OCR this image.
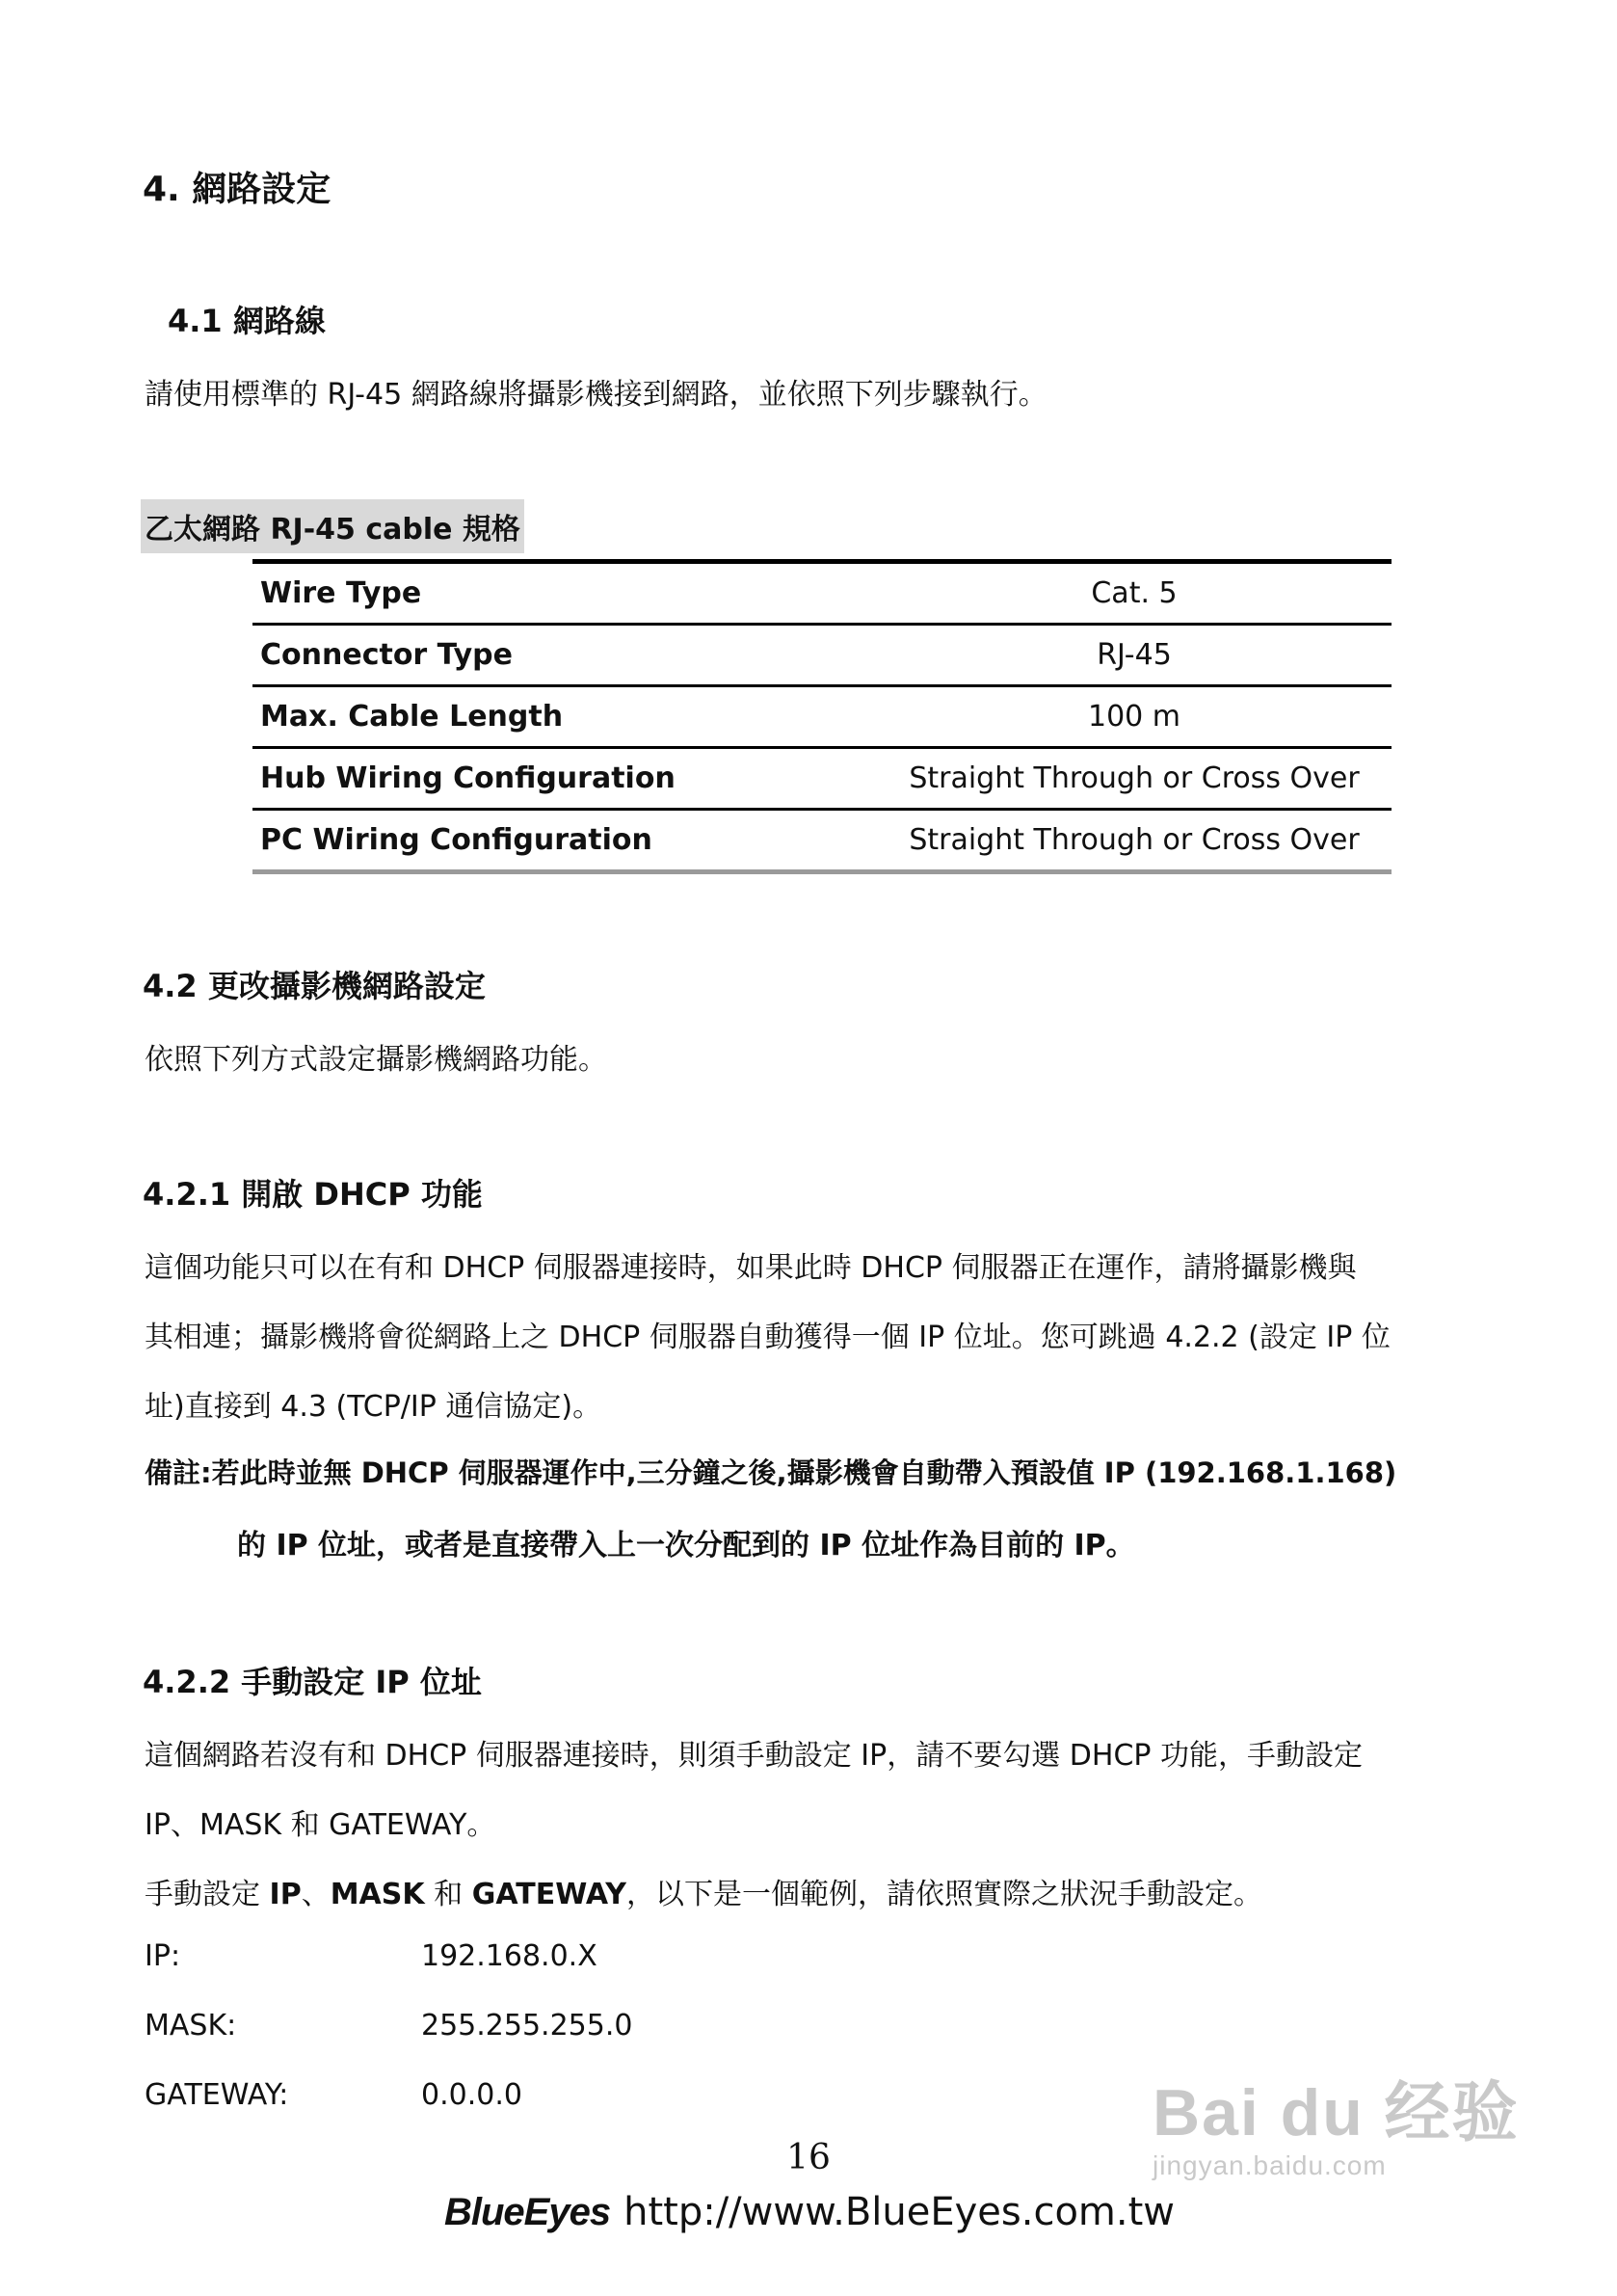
4. 網路設定
4.1 網路線
請使用標準的 RJ-45 網路線將攝影機接到網路，並依照下列步驟執行。
乙太網路 RJ-45 cable 規格
Wire Type	Cat. 5
Connector Type	RJ-45
Max. Cable Length	100 m
Hub Wiring Configuration	Straight Through or Cross Over
PC Wiring Configuration	Straight Through or Cross Over
4.2 更改攝影機網路設定
依照下列方式設定攝影機網路功能。
4.2.1 開啟 DHCP 功能
這個功能只可以在有和 DHCP 伺服器連接時，如果此時 DHCP 伺服器正在運作，請將攝影機與
其相連；攝影機將會從網路上之 DHCP 伺服器自動獲得一個 IP 位址。您可跳過 4.2.2 (設定 IP 位
址)直接到 4.3 (TCP/IP 通信協定)。
備註:若此時並無 DHCP 伺服器運作中,三分鐘之後,攝影機會自動帶入預設值 IP (192.168.1.168)
的 IP 位址，或者是直接帶入上一次分配到的 IP 位址作為目前的 IP。
4.2.2 手動設定 IP 位址
這個網路若沒有和 DHCP 伺服器連接時，則須手動設定 IP，請不要勾選 DHCP 功能，手動設定
IP、MASK 和 GATEWAY。
手動設定 IP、MASK 和 GATEWAY，以下是一個範例，請依照實際之狀況手動設定。
IP:	192.168.0.X
MASK:	255.255.255.0
GATEWAY:	0.0.0.0
16
BlueEyes http://www.BlueEyes.com.tw
Bai du 经验
jingyan.baidu.com
